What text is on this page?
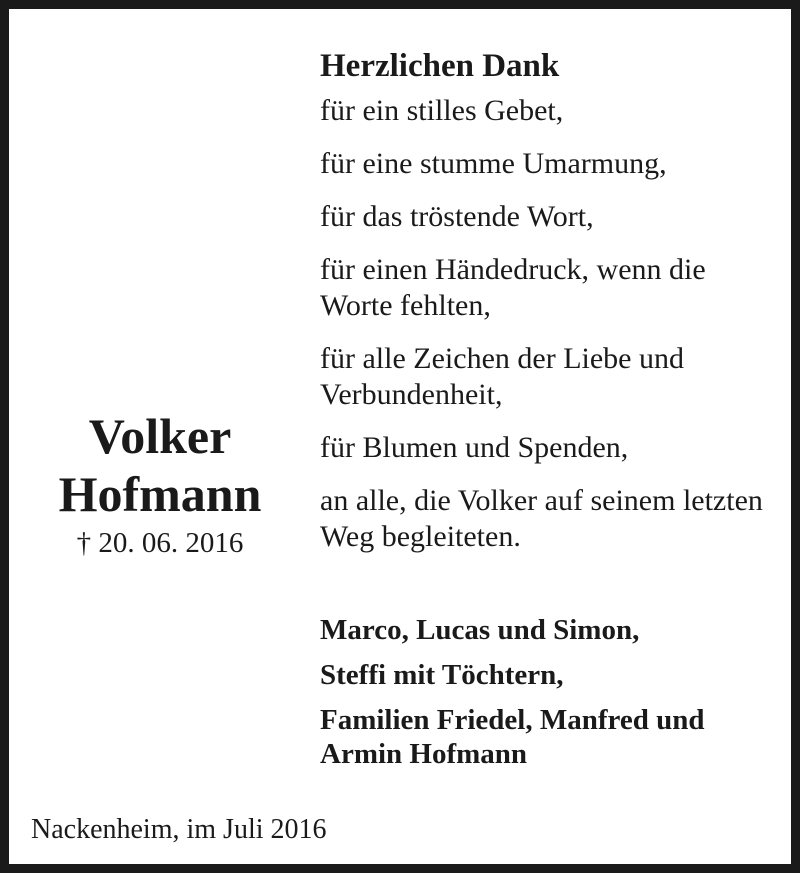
Volker
Hofmann
† 20. 06. 2016
Herzlichen Dank
für ein stilles Gebet,
für eine stumme Umarmung,
für das tröstende Wort,
für einen Händedruck, wenn die Worte fehlten,
für alle Zeichen der Liebe und Verbundenheit,
für Blumen und Spenden,
an alle, die Volker auf seinem letzten Weg begleiteten.
Marco, Lucas und Simon,
Steffi mit Töchtern,
Familien Friedel, Manfred und
Armin Hofmann
Nackenheim, im Juli 2016
